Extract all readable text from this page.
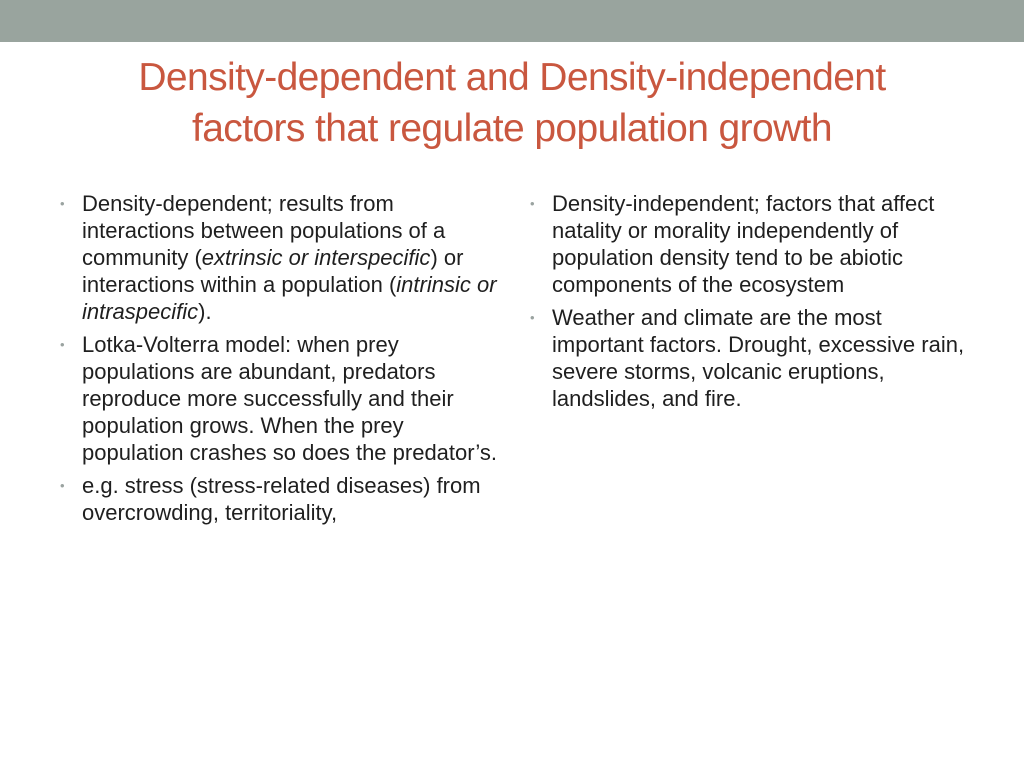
Density-dependent and Density-independent
factors that regulate population growth
• Density-dependent; results from interactions between populations of a community (extrinsic or interspecific) or interactions within a population (intrinsic or intraspecific).
• Lotka-Volterra model: when prey populations are abundant, predators reproduce more successfully and their population grows. When the prey population crashes so does the predator’s.
• e.g. stress (stress-related diseases) from overcrowding, territoriality,
• Density-independent; factors that affect natality or morality independently of population density tend to be abiotic components of the ecosystem
• Weather and climate are the most important factors. Drought, excessive rain, severe storms, volcanic eruptions, landslides, and fire.
